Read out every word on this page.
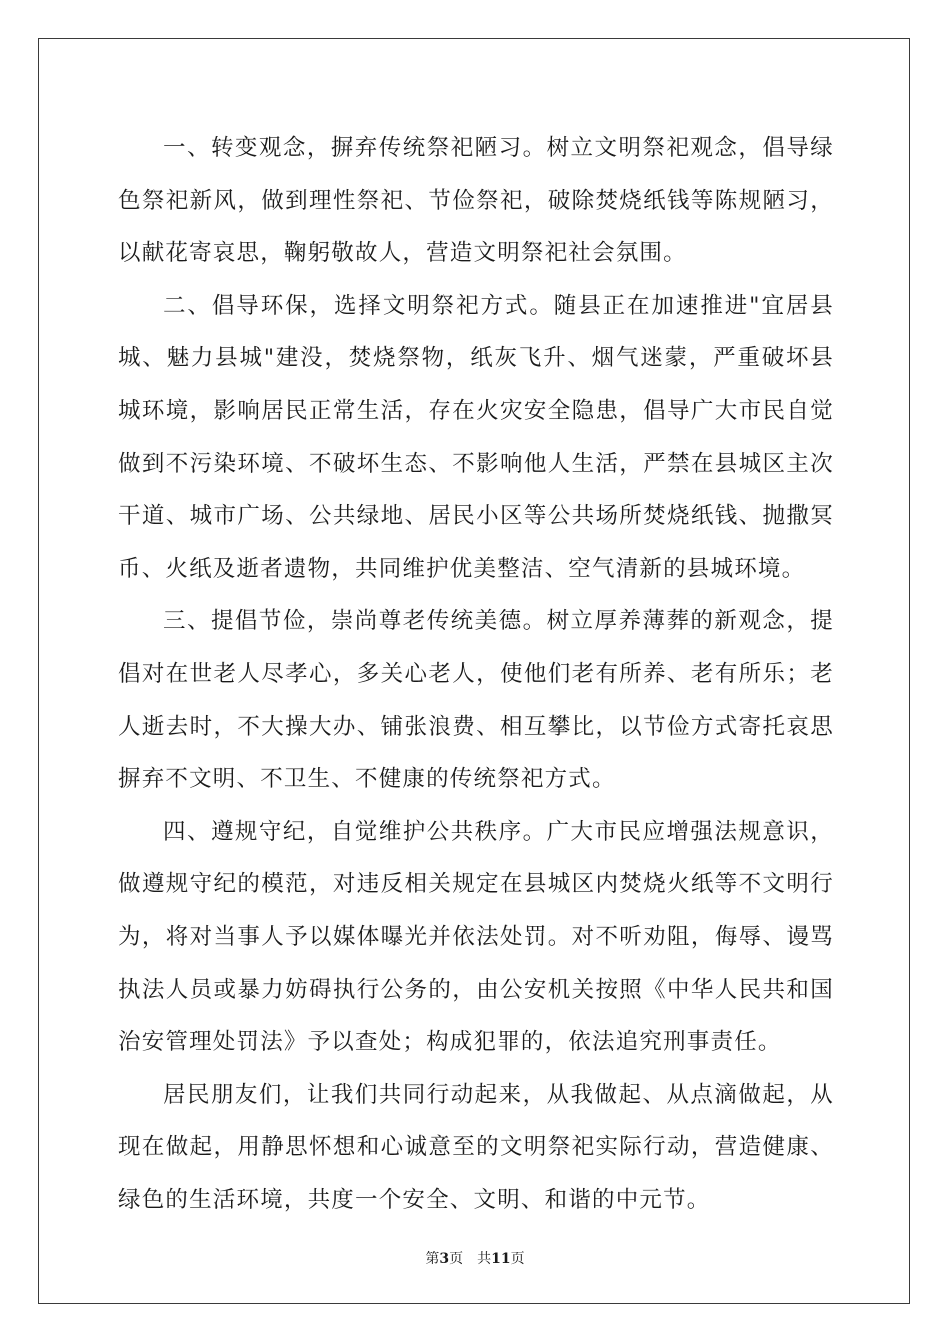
一、转变观念，摒弃传统祭祀陋习。树立文明祭祀观念，倡导绿色祭祀新风，做到理性祭祀、节俭祭祀，破除焚烧纸钱等陈规陋习，以献花寄哀思，鞠躬敬故人，营造文明祭祀社会氛围。

二、倡导环保，选择文明祭祀方式。随县正在加速推进"宜居县城、魅力县城"建没，焚烧祭物，纸灰飞升、烟气迷蒙，严重破坏县城环境，影响居民正常生活，存在火灾安全隐患，倡导广大市民自觉做到不污染环境、不破坏生态、不影响他人生活，严禁在县城区主次干道、城市广场、公共绿地、居民小区等公共场所焚烧纸钱、抛撒冥币、火纸及逝者遗物，共同维护优美整洁、空气清新的县城环境。

三、提倡节俭，崇尚尊老传统美德。树立厚养薄葬的新观念，提倡对在世老人尽孝心，多关心老人，使他们老有所养、老有所乐；老人逝去时，不大操大办、铺张浪费、相互攀比，以节俭方式寄托哀思摒弃不文明、不卫生、不健康的传统祭祀方式。

四、遵规守纪，自觉维护公共秩序。广大市民应增强法规意识，做遵规守纪的模范，对违反相关规定在县城区内焚烧火纸等不文明行为，将对当事人予以媒体曝光并依法处罚。对不听劝阻，侮辱、谩骂执法人员或暴力妨碍执行公务的，由公安机关按照《中华人民共和国治安管理处罚法》予以查处；构成犯罪的，依法追究刑事责任。

居民朋友们，让我们共同行动起来，从我做起、从点滴做起，从现在做起，用静思怀想和心诚意至的文明祭祀实际行动，营造健康、绿色的生活环境，共度一个安全、文明、和谐的中元节。

第3页 共11页
